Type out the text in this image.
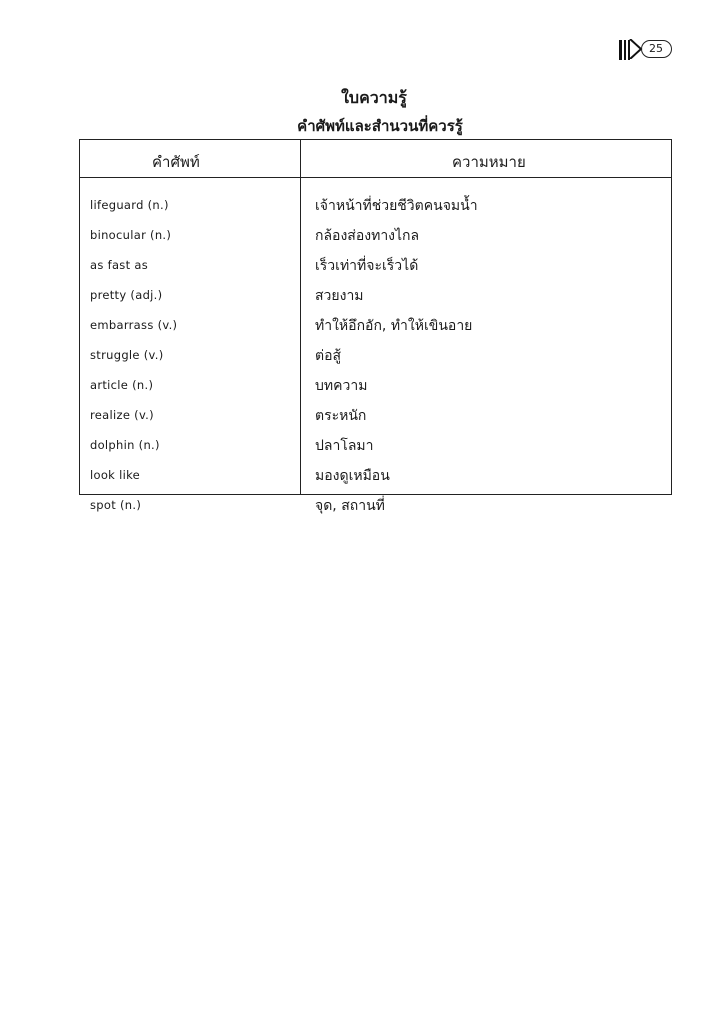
25
ใบความรู้
คำศัพท์และสำนวนที่ควรรู้
คำศัพท์	ความหมาย
lifeguard (n.)	เจ้าหน้าที่ช่วยชีวิตคนจมน้ำ
binocular (n.)	กล้องส่องทางไกล
as fast as	เร็วเท่าที่จะเร็วได้
pretty (adj.)	สวยงาม
embarrass (v.)	ทำให้อึกอัก, ทำให้เขินอาย
struggle (v.)	ต่อสู้
article (n.)	บทความ
realize (v.)	ตระหนัก
dolphin (n.)	ปลาโลมา
look like	มองดูเหมือน
spot (n.)	จุด, สถานที่
